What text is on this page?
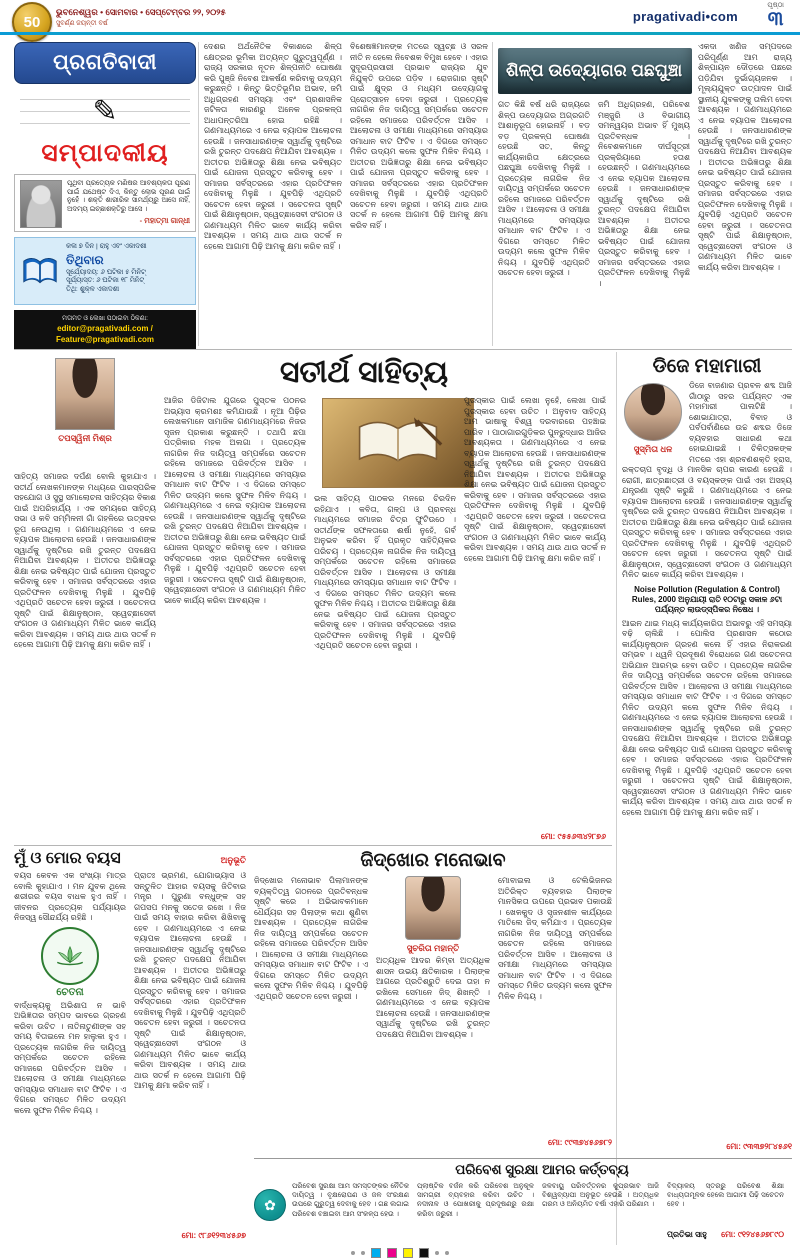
50
ଭୁବନେଶ୍ୱର • ସୋମବାର • ସେପ୍ଟେମ୍ବର ୨୨, ୨୦୨୫
ସୁବର୍ଣ୍ଣ ଜୟନ୍ତୀ ବର୍ଷ	pragativadi•com
ପୃଷ୍ଠା
୩
ପ୍ରଗତିବାଦୀ
✎
ସମ୍ପାଦକୀୟ
ପୃଥିବୀ ପ୍ରତ୍ୟେକ ମଣିଷର ଆବଶ୍ୟକତା ପୂରଣ ପାଇଁ ଯଥେଷ୍ଟ ଦିଏ, କିନ୍ତୁ ଲୋଭ ପୂରଣ ପାଇଁ ନୁହେଁ । ଶକ୍ତି ଶାରୀରିକ ସାମର୍ଥ୍ୟରୁ ଆସେ ନାହିଁ, ଅଦମ୍ୟ ଇଚ୍ଛାଶକ୍ତିରୁ ଆସେ ।
- ମହାତ୍ମା ଗାନ୍ଧୀ
କଳା ୭ ଦିନ | ରାହୁ ଏବଂ ଏକାଦଶୀ
ତିଥିବାର
ସୂର୍ଯ୍ୟୋଦୟ: ୬ ଘଟିକା ୫ ମିନିଟ୍
ସୂର୍ଯ୍ୟାସ୍ତ: ୬ ଘଟିକା ୧୮ ମିନିଟ୍
ତିଥି: ଶୁକ୍ଳ ଏକାଦଶୀ
ମତାମତ ଓ ଲେଖା ପଠାଇବା ଠିକଣା:
editor@pragativadi.com / Feature@pragativadi.com
ଦେଶର ଅର୍ଥନୈତିକ ବିକାଶରେ ଶିଳ୍ପ କ୍ଷେତ୍ରର ଭୂମିକା ଅତ୍ୟନ୍ତ ଗୁରୁତ୍ୱପୂର୍ଣ୍ଣ । ରାଜ୍ୟ ସରକାର ନୂତନ ଶିଳ୍ପନୀତି ଘୋଷଣା କରି ପୁଞ୍ଜି ନିବେଶ ଆକର୍ଷଣ କରିବାକୁ ଉଦ୍ୟମ କରୁଛନ୍ତି । କିନ୍ତୁ ଭିତ୍ତିଭୂମିର ଅଭାବ, ଜମି ଅଧିଗ୍ରହଣ ସମସ୍ୟା ଏବଂ ପ୍ରଶାସନିକ ଜଟିଳତା କାରଣରୁ ଅନେକ ପ୍ରକଳ୍ପ ଅଧାପନ୍ତରିଆ ହୋଇ ରହିଛି । ଗଣମାଧ୍ୟମରେ ଏ ନେଇ ବ୍ୟାପକ ଆଲୋଚନା ହେଉଛି । ଜନସାଧାରଣଙ୍କ ସ୍ୱାର୍ଥକୁ ଦୃଷ୍ଟିରେ ରଖି ତୁରନ୍ତ ପଦକ୍ଷେପ ନିଆଯିବା ଆବଶ୍ୟକ । ଅତୀତର ଅଭିଜ୍ଞତାରୁ ଶିକ୍ଷା ନେଇ ଭବିଷ୍ୟତ ପାଇଁ ଯୋଜନା ପ୍ରସ୍ତୁତ କରିବାକୁ ହେବ । ସମାଜର ସର୍ବସ୍ତରରେ ଏହାର ପ୍ରତିଫଳନ ଦେଖିବାକୁ ମିଳୁଛି । ଯୁବପିଢ଼ି ଏଥିପ୍ରତି ସଚେତନ ହେବା ଜରୁରୀ । ସଚେତନତା ସୃଷ୍ଟି ପାଇଁ ଶିକ୍ଷାନୁଷ୍ଠାନ, ସ୍ୱେଚ୍ଛାସେବୀ ସଂଗଠନ ଓ ଗଣମାଧ୍ୟମ ମିଳିତ ଭାବେ କାର୍ଯ୍ୟ କରିବା ଆବଶ୍ୟକ । ସମୟ ଥାଉ ଥାଉ ସତର୍କ ନ ହେଲେ ଆଗାମୀ ପିଢ଼ି ଆମକୁ କ୍ଷମା କରିବ ନାହିଁ ।
ବିଶେଷଜ୍ଞମାନଙ୍କ ମତରେ ସ୍ୱଚ୍ଛ ଓ ସରଳ ନୀତି ନ ହେଲେ ନିବେଶକ ବିମୁଖ ହେବେ । ଏହାର ସୁଦୂରପ୍ରସାରୀ ପ୍ରଭାବ ରାଜ୍ୟର ଯୁବ ନିଯୁକ୍ତି ଉପରେ ପଡ଼ିବ । ରୋଜଗାର ସୃଷ୍ଟି ପାଇଁ କ୍ଷୁଦ୍ର ଓ ମଧ୍ୟମ ଉଦ୍ୟୋଗକୁ ପ୍ରୋତ୍ସାହନ ଦେବା ଜରୁରୀ । ପ୍ରତ୍ୟେକ ନାଗରିକ ନିଜ ଦାୟିତ୍ୱ ସମ୍ପର୍କରେ ସଚେତନ ରହିଲେ ସମାଜରେ ପରିବର୍ତ୍ତନ ଆସିବ । ଆଲୋଚନା ଓ ସମୀକ୍ଷା ମାଧ୍ୟମରେ ସମସ୍ୟାର ସମାଧାନ ବାଟ ଫିଟିବ । ଏ ଦିଗରେ ସମସ୍ତେ ମିଳିତ ଉଦ୍ୟମ କଲେ ସୁଫଳ ମିଳିବ ନିଶ୍ଚୟ । ଅତୀତର ଅଭିଜ୍ଞତାରୁ ଶିକ୍ଷା ନେଇ ଭବିଷ୍ୟତ ପାଇଁ ଯୋଜନା ପ୍ରସ୍ତୁତ କରିବାକୁ ହେବ । ସମାଜର ସର୍ବସ୍ତରରେ ଏହାର ପ୍ରତିଫଳନ ଦେଖିବାକୁ ମିଳୁଛି । ଯୁବପିଢ଼ି ଏଥିପ୍ରତି ସଚେତନ ହେବା ଜରୁରୀ । ସମୟ ଥାଉ ଥାଉ ସତର୍କ ନ ହେଲେ ଆଗାମୀ ପିଢ଼ି ଆମକୁ କ୍ଷମା କରିବ ନାହିଁ ।
ଶିଳ୍ପ ଉଦ୍ୟୋଗର ପଛଘୁଞ୍ଚା
ଗତ କିଛି ବର୍ଷ ଧରି ରାଜ୍ୟରେ ଶିଳ୍ପ ଉଦ୍ୟୋଗର ଅଗ୍ରଗତି ଆଶାନୁରୂପ ହୋଇନାହିଁ । ବଡ଼ ବଡ଼ ପ୍ରକଳ୍ପ ଘୋଷଣା ହେଉଛି ସତ, କିନ୍ତୁ କାର୍ଯ୍ୟକାରିତା କ୍ଷେତ୍ରରେ ପଛଘୁଞ୍ଚା ଦେଖିବାକୁ ମିଳୁଛି । ପ୍ରତ୍ୟେକ ନାଗରିକ ନିଜ ଦାୟିତ୍ୱ ସମ୍ପର୍କରେ ସଚେତନ ରହିଲେ ସମାଜରେ ପରିବର୍ତ୍ତନ ଆସିବ । ଆଲୋଚନା ଓ ସମୀକ୍ଷା ମାଧ୍ୟମରେ ସମସ୍ୟାର ସମାଧାନ ବାଟ ଫିଟିବ । ଏ ଦିଗରେ ସମସ୍ତେ ମିଳିତ ଉଦ୍ୟମ କଲେ ସୁଫଳ ମିଳିବ ନିଶ୍ଚୟ । ଯୁବପିଢ଼ି ଏଥିପ୍ରତି ସଚେତନ ହେବା ଜରୁରୀ ।
ଜମି ଅଧିଗ୍ରହଣ, ପରିବେଶ ମଞ୍ଜୁରି ଓ ବିଭାଗୀୟ ସମନ୍ୱୟର ଅଭାବ ହିଁ ମୁଖ୍ୟ ପ୍ରତିବନ୍ଧକ । ନିବେଶକମାନେ ଦୀର୍ଘସୂତ୍ରୀ ପ୍ରକ୍ରିୟାରେ ହତାଶ ହେଉଛନ୍ତି । ଗଣମାଧ୍ୟମରେ ଏ ନେଇ ବ୍ୟାପକ ଆଲୋଚନା ହେଉଛି । ଜନସାଧାରଣଙ୍କ ସ୍ୱାର୍ଥକୁ ଦୃଷ୍ଟିରେ ରଖି ତୁରନ୍ତ ପଦକ୍ଷେପ ନିଆଯିବା ଆବଶ୍ୟକ । ଅତୀତର ଅଭିଜ୍ଞତାରୁ ଶିକ୍ଷା ନେଇ ଭବିଷ୍ୟତ ପାଇଁ ଯୋଜନା ପ୍ରସ୍ତୁତ କରିବାକୁ ହେବ । ସମାଜର ସର୍ବସ୍ତରରେ ଏହାର ପ୍ରତିଫଳନ ଦେଖିବାକୁ ମିଳୁଛି ।
ଏକଦା ଖଣିଜ ସମ୍ପଦରେ ପରିପୂର୍ଣ୍ଣ ଆମ ରାଜ୍ୟ ଶିଳ୍ପାୟନ ଦୌଡ଼ରେ ପଛରେ ପଡ଼ିଯିବା ଦୁର୍ଭାଗ୍ୟଜନକ । ମୂଲ୍ୟଯୁକ୍ତ ଉତ୍ପାଦନ ପାଇଁ ସ୍ଥାନୀୟ ଯୁବକଙ୍କୁ ତାଲିମ ଦେବା ଆବଶ୍ୟକ । ଗଣମାଧ୍ୟମରେ ଏ ନେଇ ବ୍ୟାପକ ଆଲୋଚନା ହେଉଛି । ଜନସାଧାରଣଙ୍କ ସ୍ୱାର୍ଥକୁ ଦୃଷ୍ଟିରେ ରଖି ତୁରନ୍ତ ପଦକ୍ଷେପ ନିଆଯିବା ଆବଶ୍ୟକ । ଅତୀତର ଅଭିଜ୍ଞତାରୁ ଶିକ୍ଷା ନେଇ ଭବିଷ୍ୟତ ପାଇଁ ଯୋଜନା ପ୍ରସ୍ତୁତ କରିବାକୁ ହେବ । ସମାଜର ସର୍ବସ୍ତରରେ ଏହାର ପ୍ରତିଫଳନ ଦେଖିବାକୁ ମିଳୁଛି । ଯୁବପିଢ଼ି ଏଥିପ୍ରତି ସଚେତନ ହେବା ଜରୁରୀ । ସଚେତନତା ସୃଷ୍ଟି ପାଇଁ ଶିକ୍ଷାନୁଷ୍ଠାନ, ସ୍ୱେଚ୍ଛାସେବୀ ସଂଗଠନ ଓ ଗଣମାଧ୍ୟମ ମିଳିତ ଭାବେ କାର୍ଯ୍ୟ କରିବା ଆବଶ୍ୟକ ।
ସତୀର୍ଥ ସାହିତ୍ୟ
ତପସ୍ୱିନୀ ମିଶ୍ର
ସାହିତ୍ୟ ସମାଜର ଦର୍ପଣ ବୋଲି କୁହାଯାଏ । ସତୀର୍ଥ ଲେଖକମାନଙ୍କ ମଧ୍ୟରେ ପାରସ୍ପରିକ ସହଯୋଗ ଓ ସୁସ୍ଥ ସମାଲୋଚନା ସାହିତ୍ୟର ବିକାଶ ପାଇଁ ଅପରିହାର୍ଯ୍ୟ । ଏକ ସମୟରେ ସାହିତ୍ୟ ସଭା ଓ କବି ସମ୍ମିଳନୀ ଗାଁ ଗହଳିରେ ଉତ୍ସବର ରୂପ ନେଉଥିଲା । ଗଣମାଧ୍ୟମରେ ଏ ନେଇ ବ୍ୟାପକ ଆଲୋଚନା ହେଉଛି । ଜନସାଧାରଣଙ୍କ ସ୍ୱାର୍ଥକୁ ଦୃଷ୍ଟିରେ ରଖି ତୁରନ୍ତ ପଦକ୍ଷେପ ନିଆଯିବା ଆବଶ୍ୟକ । ଅତୀତର ଅଭିଜ୍ଞତାରୁ ଶିକ୍ଷା ନେଇ ଭବିଷ୍ୟତ ପାଇଁ ଯୋଜନା ପ୍ରସ୍ତୁତ କରିବାକୁ ହେବ । ସମାଜର ସର୍ବସ୍ତରରେ ଏହାର ପ୍ରତିଫଳନ ଦେଖିବାକୁ ମିଳୁଛି । ଯୁବପିଢ଼ି ଏଥିପ୍ରତି ସଚେତନ ହେବା ଜରୁରୀ । ସଚେତନତା ସୃଷ୍ଟି ପାଇଁ ଶିକ୍ଷାନୁଷ୍ଠାନ, ସ୍ୱେଚ୍ଛାସେବୀ ସଂଗଠନ ଓ ଗଣମାଧ୍ୟମ ମିଳିତ ଭାବେ କାର୍ଯ୍ୟ କରିବା ଆବଶ୍ୟକ । ସମୟ ଥାଉ ଥାଉ ସତର୍କ ନ ହେଲେ ଆଗାମୀ ପିଢ଼ି ଆମକୁ କ୍ଷମା କରିବ ନାହିଁ ।
ଆଜିର ଡିଜିଟାଲ ଯୁଗରେ ପୁସ୍ତକ ପଠନର ଅଭ୍ୟାସ କ୍ରମଶଃ କମିଯାଉଛି । ନୂଆ ପିଢ଼ିର ଲେଖକମାନେ ସାମାଜିକ ଗଣମାଧ୍ୟମରେ ନିଜର ସୃଜନ ପ୍ରକାଶ କରୁଛନ୍ତି । ତଥାପି ଛପା ପତ୍ରିକାର ମହକ ଅଲଗା । ପ୍ରତ୍ୟେକ ନାଗରିକ ନିଜ ଦାୟିତ୍ୱ ସମ୍ପର୍କରେ ସଚେତନ ରହିଲେ ସମାଜରେ ପରିବର୍ତ୍ତନ ଆସିବ । ଆଲୋଚନା ଓ ସମୀକ୍ଷା ମାଧ୍ୟମରେ ସମସ୍ୟାର ସମାଧାନ ବାଟ ଫିଟିବ । ଏ ଦିଗରେ ସମସ୍ତେ ମିଳିତ ଉଦ୍ୟମ କଲେ ସୁଫଳ ମିଳିବ ନିଶ୍ଚୟ । ଗଣମାଧ୍ୟମରେ ଏ ନେଇ ବ୍ୟାପକ ଆଲୋଚନା ହେଉଛି । ଜନସାଧାରଣଙ୍କ ସ୍ୱାର୍ଥକୁ ଦୃଷ୍ଟିରେ ରଖି ତୁରନ୍ତ ପଦକ୍ଷେପ ନିଆଯିବା ଆବଶ୍ୟକ । ଅତୀତର ଅଭିଜ୍ଞତାରୁ ଶିକ୍ଷା ନେଇ ଭବିଷ୍ୟତ ପାଇଁ ଯୋଜନା ପ୍ରସ୍ତୁତ କରିବାକୁ ହେବ । ସମାଜର ସର୍ବସ୍ତରରେ ଏହାର ପ୍ରତିଫଳନ ଦେଖିବାକୁ ମିଳୁଛି । ଯୁବପିଢ଼ି ଏଥିପ୍ରତି ସଚେତନ ହେବା ଜରୁରୀ । ସଚେତନତା ସୃଷ୍ଟି ପାଇଁ ଶିକ୍ଷାନୁଷ୍ଠାନ, ସ୍ୱେଚ୍ଛାସେବୀ ସଂଗଠନ ଓ ଗଣମାଧ୍ୟମ ମିଳିତ ଭାବେ କାର୍ଯ୍ୟ କରିବା ଆବଶ୍ୟକ ।
ଭଲ ସାହିତ୍ୟ ପାଠକର ମନରେ ଚିରଦିନ ରହିଯାଏ । କବିତା, ଗଳ୍ପ ଓ ପ୍ରବନ୍ଧ ମାଧ୍ୟମରେ ସମାଜର ଚିତ୍ର ଫୁଟିଉଠେ । ସତୀର୍ଥଙ୍କ ସଫଳତାରେ ଈର୍ଷା ନୁହେଁ, ଗର୍ବ ଅନୁଭବ କରିବା ହିଁ ପ୍ରକୃତ ସାହିତ୍ୟିକର ପରିଚୟ । ପ୍ରତ୍ୟେକ ନାଗରିକ ନିଜ ଦାୟିତ୍ୱ ସମ୍ପର୍କରେ ସଚେତନ ରହିଲେ ସମାଜରେ ପରିବର୍ତ୍ତନ ଆସିବ । ଆଲୋଚନା ଓ ସମୀକ୍ଷା ମାଧ୍ୟମରେ ସମସ୍ୟାର ସମାଧାନ ବାଟ ଫିଟିବ । ଏ ଦିଗରେ ସମସ୍ତେ ମିଳିତ ଉଦ୍ୟମ କଲେ ସୁଫଳ ମିଳିବ ନିଶ୍ଚୟ । ଅତୀତର ଅଭିଜ୍ଞତାରୁ ଶିକ୍ଷା ନେଇ ଭବିଷ୍ୟତ ପାଇଁ ଯୋଜନା ପ୍ରସ୍ତୁତ କରିବାକୁ ହେବ । ସମାଜର ସର୍ବସ୍ତରରେ ଏହାର ପ୍ରତିଫଳନ ଦେଖିବାକୁ ମିଳୁଛି । ଯୁବପିଢ଼ି ଏଥିପ୍ରତି ସଚେତନ ହେବା ଜରୁରୀ ।
ପୁରସ୍କାର ପାଇଁ ଲେଖା ନୁହେଁ, ଲେଖା ପାଇଁ ପୁରସ୍କାର ହେବା ଉଚିତ । ଅନୁବାଦ ସାହିତ୍ୟ ଆମ ଭାଷାକୁ ବିଶ୍ୱ ଦରବାରରେ ପହଞ୍ଚାଇ ପାରିବ । ପାଠାଗାରଗୁଡ଼ିକର ପୁନରୁଦ୍ଧାର ଆଜିର ଆବଶ୍ୟକତା । ଗଣମାଧ୍ୟମରେ ଏ ନେଇ ବ୍ୟାପକ ଆଲୋଚନା ହେଉଛି । ଜନସାଧାରଣଙ୍କ ସ୍ୱାର୍ଥକୁ ଦୃଷ୍ଟିରେ ରଖି ତୁରନ୍ତ ପଦକ୍ଷେପ ନିଆଯିବା ଆବଶ୍ୟକ । ଅତୀତର ଅଭିଜ୍ଞତାରୁ ଶିକ୍ଷା ନେଇ ଭବିଷ୍ୟତ ପାଇଁ ଯୋଜନା ପ୍ରସ୍ତୁତ କରିବାକୁ ହେବ । ସମାଜର ସର୍ବସ୍ତରରେ ଏହାର ପ୍ରତିଫଳନ ଦେଖିବାକୁ ମିଳୁଛି । ଯୁବପିଢ଼ି ଏଥିପ୍ରତି ସଚେତନ ହେବା ଜରୁରୀ । ସଚେତନତା ସୃଷ୍ଟି ପାଇଁ ଶିକ୍ଷାନୁଷ୍ଠାନ, ସ୍ୱେଚ୍ଛାସେବୀ ସଂଗଠନ ଓ ଗଣମାଧ୍ୟମ ମିଳିତ ଭାବେ କାର୍ଯ୍ୟ କରିବା ଆବଶ୍ୟକ । ସମୟ ଥାଉ ଥାଉ ସତର୍କ ନ ହେଲେ ଆଗାମୀ ପିଢ଼ି ଆମକୁ କ୍ଷମା କରିବ ନାହିଁ ।
ମୋ: ୯୫୫୬୩୪୨୮୭୬
ଡିଜେ ମହାମାରୀ
ସୁସ୍ମିତା ଧଳ
ଡିଜେ ବାଜଣାର ପ୍ରବଳ ଶବ୍ଦ ଆଜି ଗାଁଠାରୁ ସହର ପର୍ଯ୍ୟନ୍ତ ଏକ ମହାମାରୀ ପାଲଟିଛି । ଶୋଭାଯାତ୍ରା, ବିବାହ ଓ ପର୍ବପର୍ବାଣିରେ ଉଚ୍ଚ ଶବ୍ଦର ଡିଜେ ବ୍ୟବହାର ସାଧାରଣ କଥା ହୋଇଯାଇଛି । ଚିକିତ୍ସକଙ୍କ ମତରେ ଏହା ଶ୍ରବଣଶକ୍ତି ହ୍ରାସ, ରକ୍ତଚାପ ବୃଦ୍ଧି ଓ ମାନସିକ ଚାପର କାରଣ ହେଉଛି । ରୋଗୀ, ଛାତ୍ରଛାତ୍ରୀ ଓ ବୟସ୍କଙ୍କ ପାଇଁ ଏହା ଅସହ୍ୟ ଯନ୍ତ୍ରଣା ସୃଷ୍ଟି କରୁଛି । ଗଣମାଧ୍ୟମରେ ଏ ନେଇ ବ୍ୟାପକ ଆଲୋଚନା ହେଉଛି । ଜନସାଧାରଣଙ୍କ ସ୍ୱାର୍ଥକୁ ଦୃଷ୍ଟିରେ ରଖି ତୁରନ୍ତ ପଦକ୍ଷେପ ନିଆଯିବା ଆବଶ୍ୟକ । ଅତୀତର ଅଭିଜ୍ଞତାରୁ ଶିକ୍ଷା ନେଇ ଭବିଷ୍ୟତ ପାଇଁ ଯୋଜନା ପ୍ରସ୍ତୁତ କରିବାକୁ ହେବ । ସମାଜର ସର୍ବସ୍ତରରେ ଏହାର ପ୍ରତିଫଳନ ଦେଖିବାକୁ ମିଳୁଛି । ଯୁବପିଢ଼ି ଏଥିପ୍ରତି ସଚେତନ ହେବା ଜରୁରୀ । ସଚେତନତା ସୃଷ୍ଟି ପାଇଁ ଶିକ୍ଷାନୁଷ୍ଠାନ, ସ୍ୱେଚ୍ଛାସେବୀ ସଂଗଠନ ଓ ଗଣମାଧ୍ୟମ ମିଳିତ ଭାବେ କାର୍ଯ୍ୟ କରିବା ଆବଶ୍ୟକ ।
Noise Pollution (Regulation & Control) Rules, 2000 ଅନୁଯାୟୀ ରାତି ୧୦ଟାରୁ ସକାଳ ୬ଟା ପର୍ଯ୍ୟନ୍ତ ଲାଉଡ୍‌ସ୍ପିକର ନିଷେଧ ।
ଆଇନ ଥାଇ ମଧ୍ୟ କାର୍ଯ୍ୟକାରିତା ଅଭାବରୁ ଏହି ସମସ୍ୟା ବଢ଼ି ଚାଲିଛି । ପୋଲିସ ପ୍ରଶାସନ କଠୋର କାର୍ଯ୍ୟାନୁଷ୍ଠାନ ଗ୍ରହଣ କଲେ ହିଁ ଏହାର ନିରାକରଣ ସମ୍ଭବ । ଧ୍ୱନି ପ୍ରଦୂଷଣ ବିରୋଧରେ ଗଣ ସଚେତନତା ଅଭିଯାନ ଆରମ୍ଭ ହେବା ଉଚିତ । ପ୍ରତ୍ୟେକ ନାଗରିକ ନିଜ ଦାୟିତ୍ୱ ସମ୍ପର୍କରେ ସଚେତନ ରହିଲେ ସମାଜରେ ପରିବର୍ତ୍ତନ ଆସିବ । ଆଲୋଚନା ଓ ସମୀକ୍ଷା ମାଧ୍ୟମରେ ସମସ୍ୟାର ସମାଧାନ ବାଟ ଫିଟିବ । ଏ ଦିଗରେ ସମସ୍ତେ ମିଳିତ ଉଦ୍ୟମ କଲେ ସୁଫଳ ମିଳିବ ନିଶ୍ଚୟ । ଗଣମାଧ୍ୟମରେ ଏ ନେଇ ବ୍ୟାପକ ଆଲୋଚନା ହେଉଛି । ଜନସାଧାରଣଙ୍କ ସ୍ୱାର୍ଥକୁ ଦୃଷ୍ଟିରେ ରଖି ତୁରନ୍ତ ପଦକ୍ଷେପ ନିଆଯିବା ଆବଶ୍ୟକ । ଅତୀତର ଅଭିଜ୍ଞତାରୁ ଶିକ୍ଷା ନେଇ ଭବିଷ୍ୟତ ପାଇଁ ଯୋଜନା ପ୍ରସ୍ତୁତ କରିବାକୁ ହେବ । ସମାଜର ସର୍ବସ୍ତରରେ ଏହାର ପ୍ରତିଫଳନ ଦେଖିବାକୁ ମିଳୁଛି । ଯୁବପିଢ଼ି ଏଥିପ୍ରତି ସଚେତନ ହେବା ଜରୁରୀ । ସଚେତନତା ସୃଷ୍ଟି ପାଇଁ ଶିକ୍ଷାନୁଷ୍ଠାନ, ସ୍ୱେଚ୍ଛାସେବୀ ସଂଗଠନ ଓ ଗଣମାଧ୍ୟମ ମିଳିତ ଭାବେ କାର୍ଯ୍ୟ କରିବା ଆବଶ୍ୟକ । ସମୟ ଥାଉ ଥାଉ ସତର୍କ ନ ହେଲେ ଆଗାମୀ ପିଢ଼ି ଆମକୁ କ୍ଷମା କରିବ ନାହିଁ ।
ମୋ: ୯୩୩୭୨୮୪୫୬୧
ମୁଁ ଓ ମୋର ବୟସ	ଅନୁଭୂତି
ବୟସ କେବଳ ଏକ ସଂଖ୍ୟା ମାତ୍ର ବୋଲି କୁହାଯାଏ । ମନ ଯୁବକ ଥିଲେ ଶରୀରର ବୟସ ବାଧକ ହୁଏ ନାହିଁ । ଜୀବନର ପ୍ରତ୍ୟେକ ପର୍ଯ୍ୟାୟର ନିଜସ୍ୱ ସୌନ୍ଦର୍ଯ୍ୟ ରହିଛି ।
ଚେତନା
ବାର୍ଦ୍ଧକ୍ୟକୁ ଅଭିଶାପ ନ ଭାବି ଅଭିଜ୍ଞତାର ସମ୍ପଦ ଭାବରେ ଗ୍ରହଣ କରିବା ଉଚିତ । ନାତିନାତୁଣୀଙ୍କ ସହ ସମୟ ବିତାଇଲେ ମନ ହାଲୁକା ହୁଏ । ପ୍ରତ୍ୟେକ ନାଗରିକ ନିଜ ଦାୟିତ୍ୱ ସମ୍ପର୍କରେ ସଚେତନ ରହିଲେ ସମାଜରେ ପରିବର୍ତ୍ତନ ଆସିବ । ଆଲୋଚନା ଓ ସମୀକ୍ଷା ମାଧ୍ୟମରେ ସମସ୍ୟାର ସମାଧାନ ବାଟ ଫିଟିବ । ଏ ଦିଗରେ ସମସ୍ତେ ମିଳିତ ଉଦ୍ୟମ କଲେ ସୁଫଳ ମିଳିବ ନିଶ୍ଚୟ ।
ପ୍ରାତଃ ଭ୍ରମଣ, ଯୋଗାଭ୍ୟାସ ଓ ସନ୍ତୁଳିତ ଆହାର ବୟସକୁ ଜିତିବାର ମନ୍ତ୍ର । ପୁରୁଣା ବନ୍ଧୁଙ୍କ ସହ ଗପସପ ମନକୁ ସତେଜ ରଖେ । ନିଜ ପାଇଁ ସମୟ ବାହାର କରିବା ଶିଖିବାକୁ ହେବ । ଗଣମାଧ୍ୟମରେ ଏ ନେଇ ବ୍ୟାପକ ଆଲୋଚନା ହେଉଛି । ଜନସାଧାରଣଙ୍କ ସ୍ୱାର୍ଥକୁ ଦୃଷ୍ଟିରେ ରଖି ତୁରନ୍ତ ପଦକ୍ଷେପ ନିଆଯିବା ଆବଶ୍ୟକ । ଅତୀତର ଅଭିଜ୍ଞତାରୁ ଶିକ୍ଷା ନେଇ ଭବିଷ୍ୟତ ପାଇଁ ଯୋଜନା ପ୍ରସ୍ତୁତ କରିବାକୁ ହେବ । ସମାଜର ସର୍ବସ୍ତରରେ ଏହାର ପ୍ରତିଫଳନ ଦେଖିବାକୁ ମିଳୁଛି । ଯୁବପିଢ଼ି ଏଥିପ୍ରତି ସଚେତନ ହେବା ଜରୁରୀ । ସଚେତନତା ସୃଷ୍ଟି ପାଇଁ ଶିକ୍ଷାନୁଷ୍ଠାନ, ସ୍ୱେଚ୍ଛାସେବୀ ସଂଗଠନ ଓ ଗଣମାଧ୍ୟମ ମିଳିତ ଭାବେ କାର୍ଯ୍ୟ କରିବା ଆବଶ୍ୟକ । ସମୟ ଥାଉ ଥାଉ ସତର୍କ ନ ହେଲେ ଆଗାମୀ ପିଢ଼ି ଆମକୁ କ୍ଷମା କରିବ ନାହିଁ ।
ମୋ: ୯୮୬୧୨୩୪୫୬୭
ଜିଦ୍‌ଖୋର ମନୋଭାବ
ଜିଦ୍‌ଖୋର ମନୋଭାବ ପିଲାମାନଙ୍କ ବ୍ୟକ୍ତିତ୍ୱ ଗଠନରେ ପ୍ରତିବନ୍ଧକ ସୃଷ୍ଟି କରେ । ଅଭିଭାବକମାନେ ଧୈର୍ଯ୍ୟର ସହ ପିଲାଙ୍କ କଥା ଶୁଣିବା ଆବଶ୍ୟକ । ପ୍ରତ୍ୟେକ ନାଗରିକ ନିଜ ଦାୟିତ୍ୱ ସମ୍ପର୍କରେ ସଚେତନ ରହିଲେ ସମାଜରେ ପରିବର୍ତ୍ତନ ଆସିବ । ଆଲୋଚନା ଓ ସମୀକ୍ଷା ମାଧ୍ୟମରେ ସମସ୍ୟାର ସମାଧାନ ବାଟ ଫିଟିବ । ଏ ଦିଗରେ ସମସ୍ତେ ମିଳିତ ଉଦ୍ୟମ କଲେ ସୁଫଳ ମିଳିବ ନିଶ୍ଚୟ । ଯୁବପିଢ଼ି ଏଥିପ୍ରତି ସଚେତନ ହେବା ଜରୁରୀ ।
ସୁଚରିତା ମହାନ୍ତି
ଅତ୍ୟଧିକ ଆଦର କିମ୍ବା ଅତ୍ୟଧିକ ଶାସନ ଉଭୟ କ୍ଷତିକାରକ । ପିଲାଙ୍କ ଆଗରେ ପ୍ରତିଶ୍ରୁତି ଦେଇ ତାହା ନ ରଖିଲେ ସେମାନେ ଜିଦ୍ ଶିଖନ୍ତି । ଗଣମାଧ୍ୟମରେ ଏ ନେଇ ବ୍ୟାପକ ଆଲୋଚନା ହେଉଛି । ଜନସାଧାରଣଙ୍କ ସ୍ୱାର୍ଥକୁ ଦୃଷ୍ଟିରେ ରଖି ତୁରନ୍ତ ପଦକ୍ଷେପ ନିଆଯିବା ଆବଶ୍ୟକ ।
ମୋବାଇଲ ଓ ଟେଲିଭିଜନର ଅତିରିକ୍ତ ବ୍ୟବହାର ପିଲାଙ୍କ ମାନସିକତା ଉପରେ ପ୍ରଭାବ ପକାଉଛି । ଖେଳକୁଦ ଓ ସୃଜନଶୀଳ କାର୍ଯ୍ୟରେ ମାତିଲେ ଜିଦ୍ କମିଯାଏ । ପ୍ରତ୍ୟେକ ନାଗରିକ ନିଜ ଦାୟିତ୍ୱ ସମ୍ପର୍କରେ ସଚେତନ ରହିଲେ ସମାଜରେ ପରିବର୍ତ୍ତନ ଆସିବ । ଆଲୋଚନା ଓ ସମୀକ୍ଷା ମାଧ୍ୟମରେ ସମସ୍ୟାର ସମାଧାନ ବାଟ ଫିଟିବ । ଏ ଦିଗରେ ସମସ୍ତେ ମିଳିତ ଉଦ୍ୟମ କଲେ ସୁଫଳ ମିଳିବ ନିଶ୍ଚୟ ।
ମୋ: ୯୯୩୭୪୫୬୭୮୨
✿
ପରିବେଶ ସୁରକ୍ଷା ଆମର କର୍ତ୍ତବ୍ୟ
ପରିବେଶ ସୁରକ୍ଷା ଆମ ସମସ୍ତଙ୍କର ନୈତିକ ଦାୟିତ୍ୱ । ବୃକ୍ଷରୋପଣ ଓ ଜଳ ସଂରକ୍ଷଣ ଉପରେ ଗୁରୁତ୍ୱ ଦେବାକୁ ହେବ । ଗଛ ଲଗାଇ ପରିବେଶ ବଞ୍ଚାଇବା ଆମ ସଂକଳ୍ପ ହେଉ ।
ପ୍ଲାଷ୍ଟିକ ବର୍ଜନ କରି ପରିବେଶ ଅନୁକୂଳ ସାମଗ୍ରୀ ବ୍ୟବହାର କରିବା ଉଚିତ । ନଦୀନାଳ ଓ ପୋଖରୀକୁ ପ୍ରଦୂଷଣରୁ ରକ୍ଷା କରିବା ଜରୁରୀ ।
ଜଳବାୟୁ ପରିବର୍ତ୍ତନର କୁପ୍ରଭାବ ଆଜି ବିଶ୍ୱବ୍ୟାପୀ ଅନୁଭୂତ ହେଉଛି । ଅତ୍ୟଧିକ ଗରମ ଓ ଅନିୟମିତ ବର୍ଷା ଏହାରି ପରିଣାମ ।
ବିଦ୍ୟାଳୟ ସ୍ତରରୁ ପରିବେଶ ଶିକ୍ଷା ବାଧ୍ୟତାମୂଳକ ହେଲେ ଆଗାମୀ ପିଢ଼ି ସଚେତନ ହେବ ।
ପ୍ରତିଭା ସାହୁ ମୋ: ୯୧୨୪୫୬୭୮୯୦
